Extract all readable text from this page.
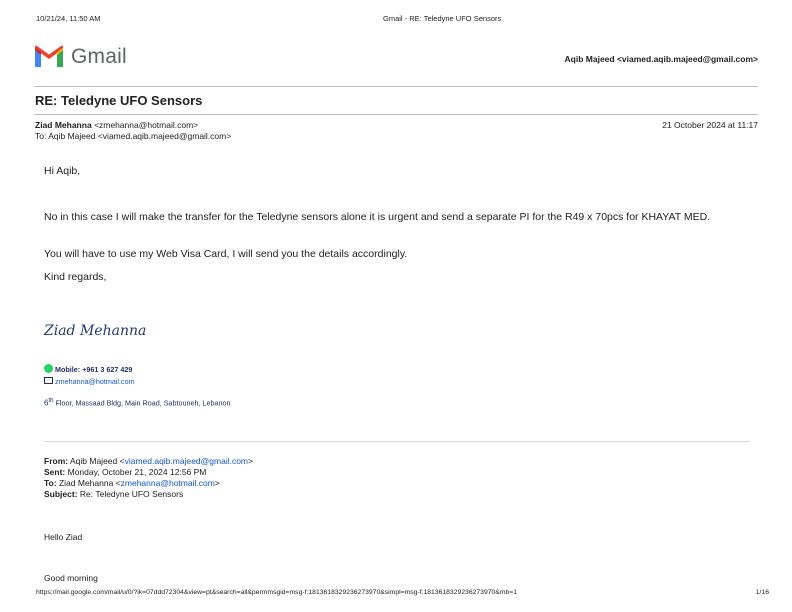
10/21/24, 11:50 AM	Gmail - RE: Teledyne UFO Sensors
Gmail	Aqib Majeed <viamed.aqib.majeed@gmail.com>
RE: Teledyne UFO Sensors
Ziad Mehanna <zmehanna@hotmail.com>
To: Aqib Majeed <viamed.aqib.majeed@gmail.com>
21 October 2024 at 11:17
Hi Aqib,
No in this case I will make the transfer for the Teledyne sensors alone it is urgent and send a separate PI for the R49 x 70pcs for KHAYAT MED.
You will have to use my Web Visa Card, I will send you the details accordingly.
Kind regards,
Ziad Mehanna
Mobile: +961 3 627 429
zmehanna@hotmail.com
6th Floor, Massaad Bldg, Main Road, Sabtouneh, Lebanon
From: Aqib Majeed <viamed.aqib.majeed@gmail.com>
Sent: Monday, October 21, 2024 12:56 PM
To: Ziad Mehanna <zmehanna@hotmail.com>
Subject: Re: Teledyne UFO Sensors
Hello Ziad
Good morning
https://mail.google.com/mail/u/0/?ik=07ddd72304&view=pt&search=all&permmsgid=msg-f:1813618329236273970&simpl=msg-f:1813618329236273970&mb=1	1/16
